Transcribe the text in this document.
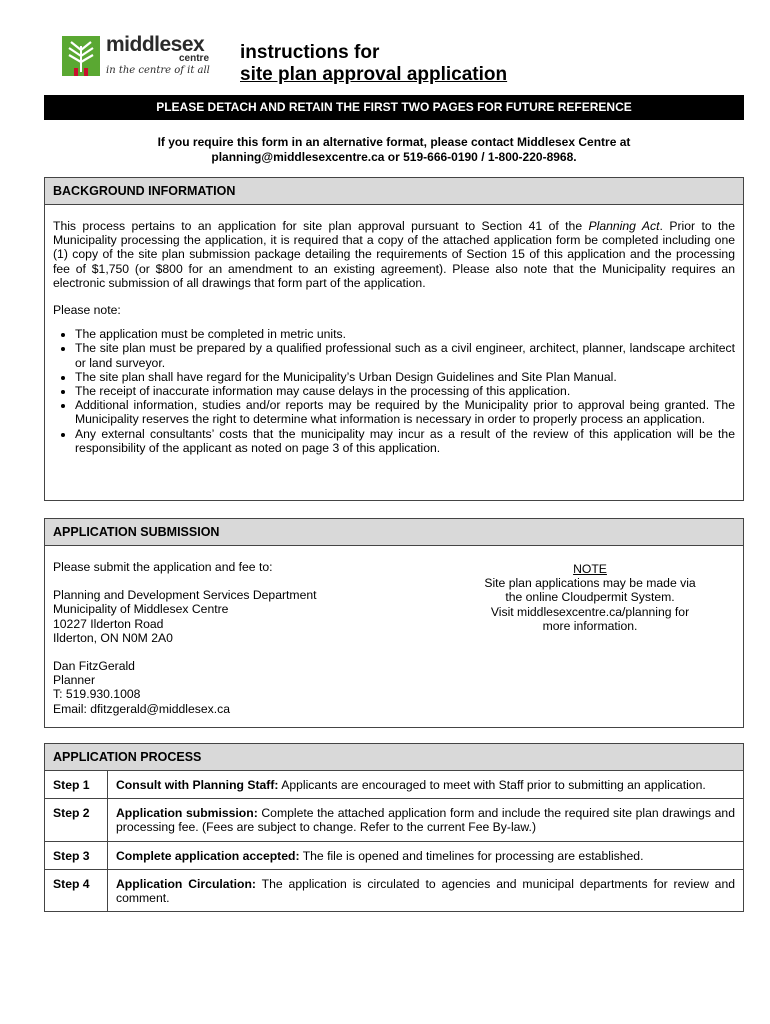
middlesex
centre
in the centre of it all
instructions for
site plan approval application
PLEASE DETACH AND RETAIN THE FIRST TWO PAGES FOR FUTURE REFERENCE
If you require this form in an alternative format, please contact Middlesex Centre at
planning@middlesexcentre.ca or 519-666-0190 / 1-800-220-8968.
BACKGROUND INFORMATION

This process pertains to an application for site plan approval pursuant to Section 41 of the Planning Act. Prior to the Municipality processing the application, it is required that a copy of the attached application form be completed including one (1) copy of the site plan submission package detailing the requirements of Section 15 of this application and the processing fee of $1,750 (or $800 for an amendment to an existing agreement). Please also note that the Municipality requires an electronic submission of all drawings that form part of the application.

Please note:

• The application must be completed in metric units.
• The site plan must be prepared by a qualified professional such as a civil engineer, architect, planner, landscape architect or land surveyor.
• The site plan shall have regard for the Municipality’s Urban Design Guidelines and Site Plan Manual.
• The receipt of inaccurate information may cause delays in the processing of this application.
• Additional information, studies and/or reports may be required by the Municipality prior to approval being granted. The Municipality reserves the right to determine what information is necessary in order to properly process an application.
• Any external consultants’ costs that the municipality may incur as a result of the review of this application will be the responsibility of the applicant as noted on page 3 of this application.
APPLICATION SUBMISSION

Please submit the application and fee to:

Planning and Development Services Department
Municipality of Middlesex Centre
10227 Ilderton Road
Ilderton, ON N0M 2A0
Dan FitzGerald
Planner
T: 519.930.1008
Email: dfitzgerald@middlesex.ca
NOTE
Site plan applications may be made via
the online Cloudpermit System.
Visit middlesexcentre.ca/planning for
more information.
APPLICATION PROCESS
Step 1	Consult with Planning Staff: Applicants are encouraged to meet with Staff prior to submitting an application.
Step 2	Application submission: Complete the attached application form and include the required site plan drawings and processing fee. (Fees are subject to change. Refer to the current Fee By-law.)
Step 3	Complete application accepted: The file is opened and timelines for processing are established.
Step 4	Application Circulation: The application is circulated to agencies and municipal departments for review and comment.
